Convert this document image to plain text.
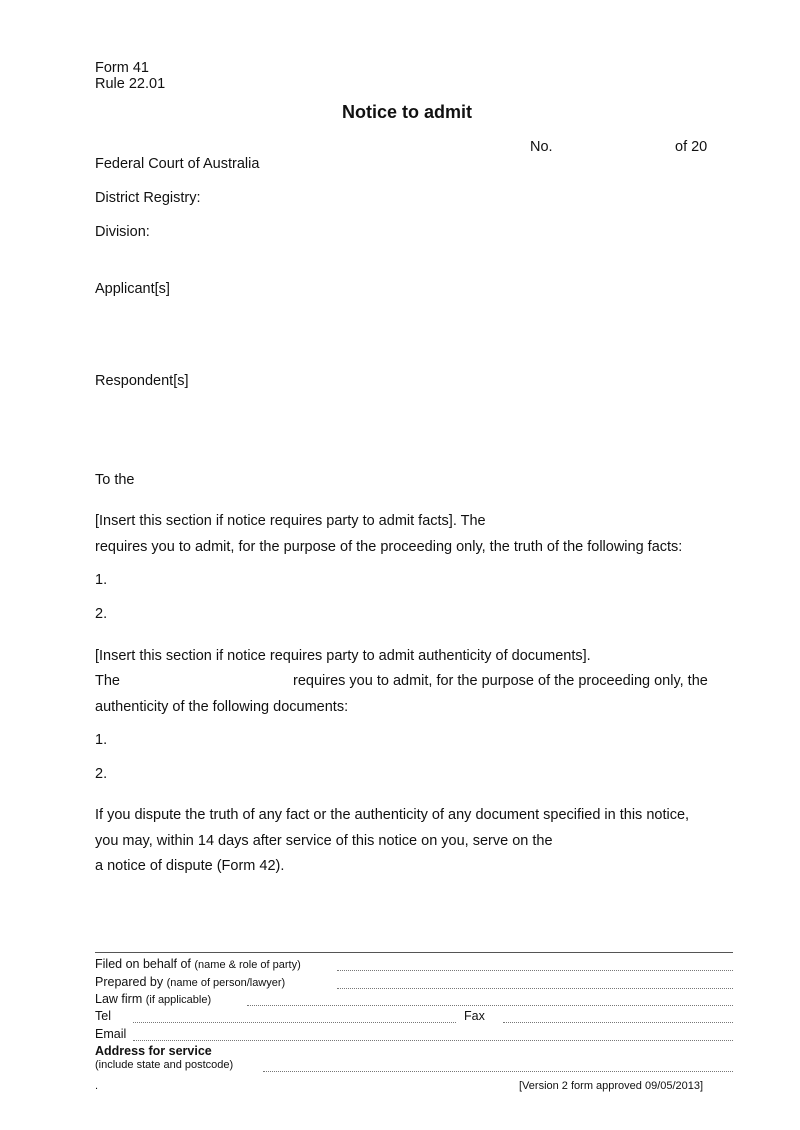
Form 41
Rule 22.01
Notice to admit
No.	of 20
Federal Court of Australia
District Registry:
Division:
Applicant[s]
Respondent[s]
To the
[Insert this section if notice requires party to admit facts]. The
requires you to admit, for the purpose of the proceeding only, the truth of the following facts:
1.
2.
[Insert this section if notice requires party to admit authenticity of documents].
The	requires you to admit, for the purpose of the proceeding only, the
authenticity of the following documents:
1.
2.
If you dispute the truth of any fact or the authenticity of any document specified in this notice,
you may, within 14 days after service of this notice on you, serve on the
a notice of dispute (Form 42).
Filed on behalf of (name & role of party)
Prepared by (name of person/lawyer)
Law firm (if applicable)
Tel	Fax
Email
Address for service
(include state and postcode)
.	[Version 2 form approved 09/05/2013]
